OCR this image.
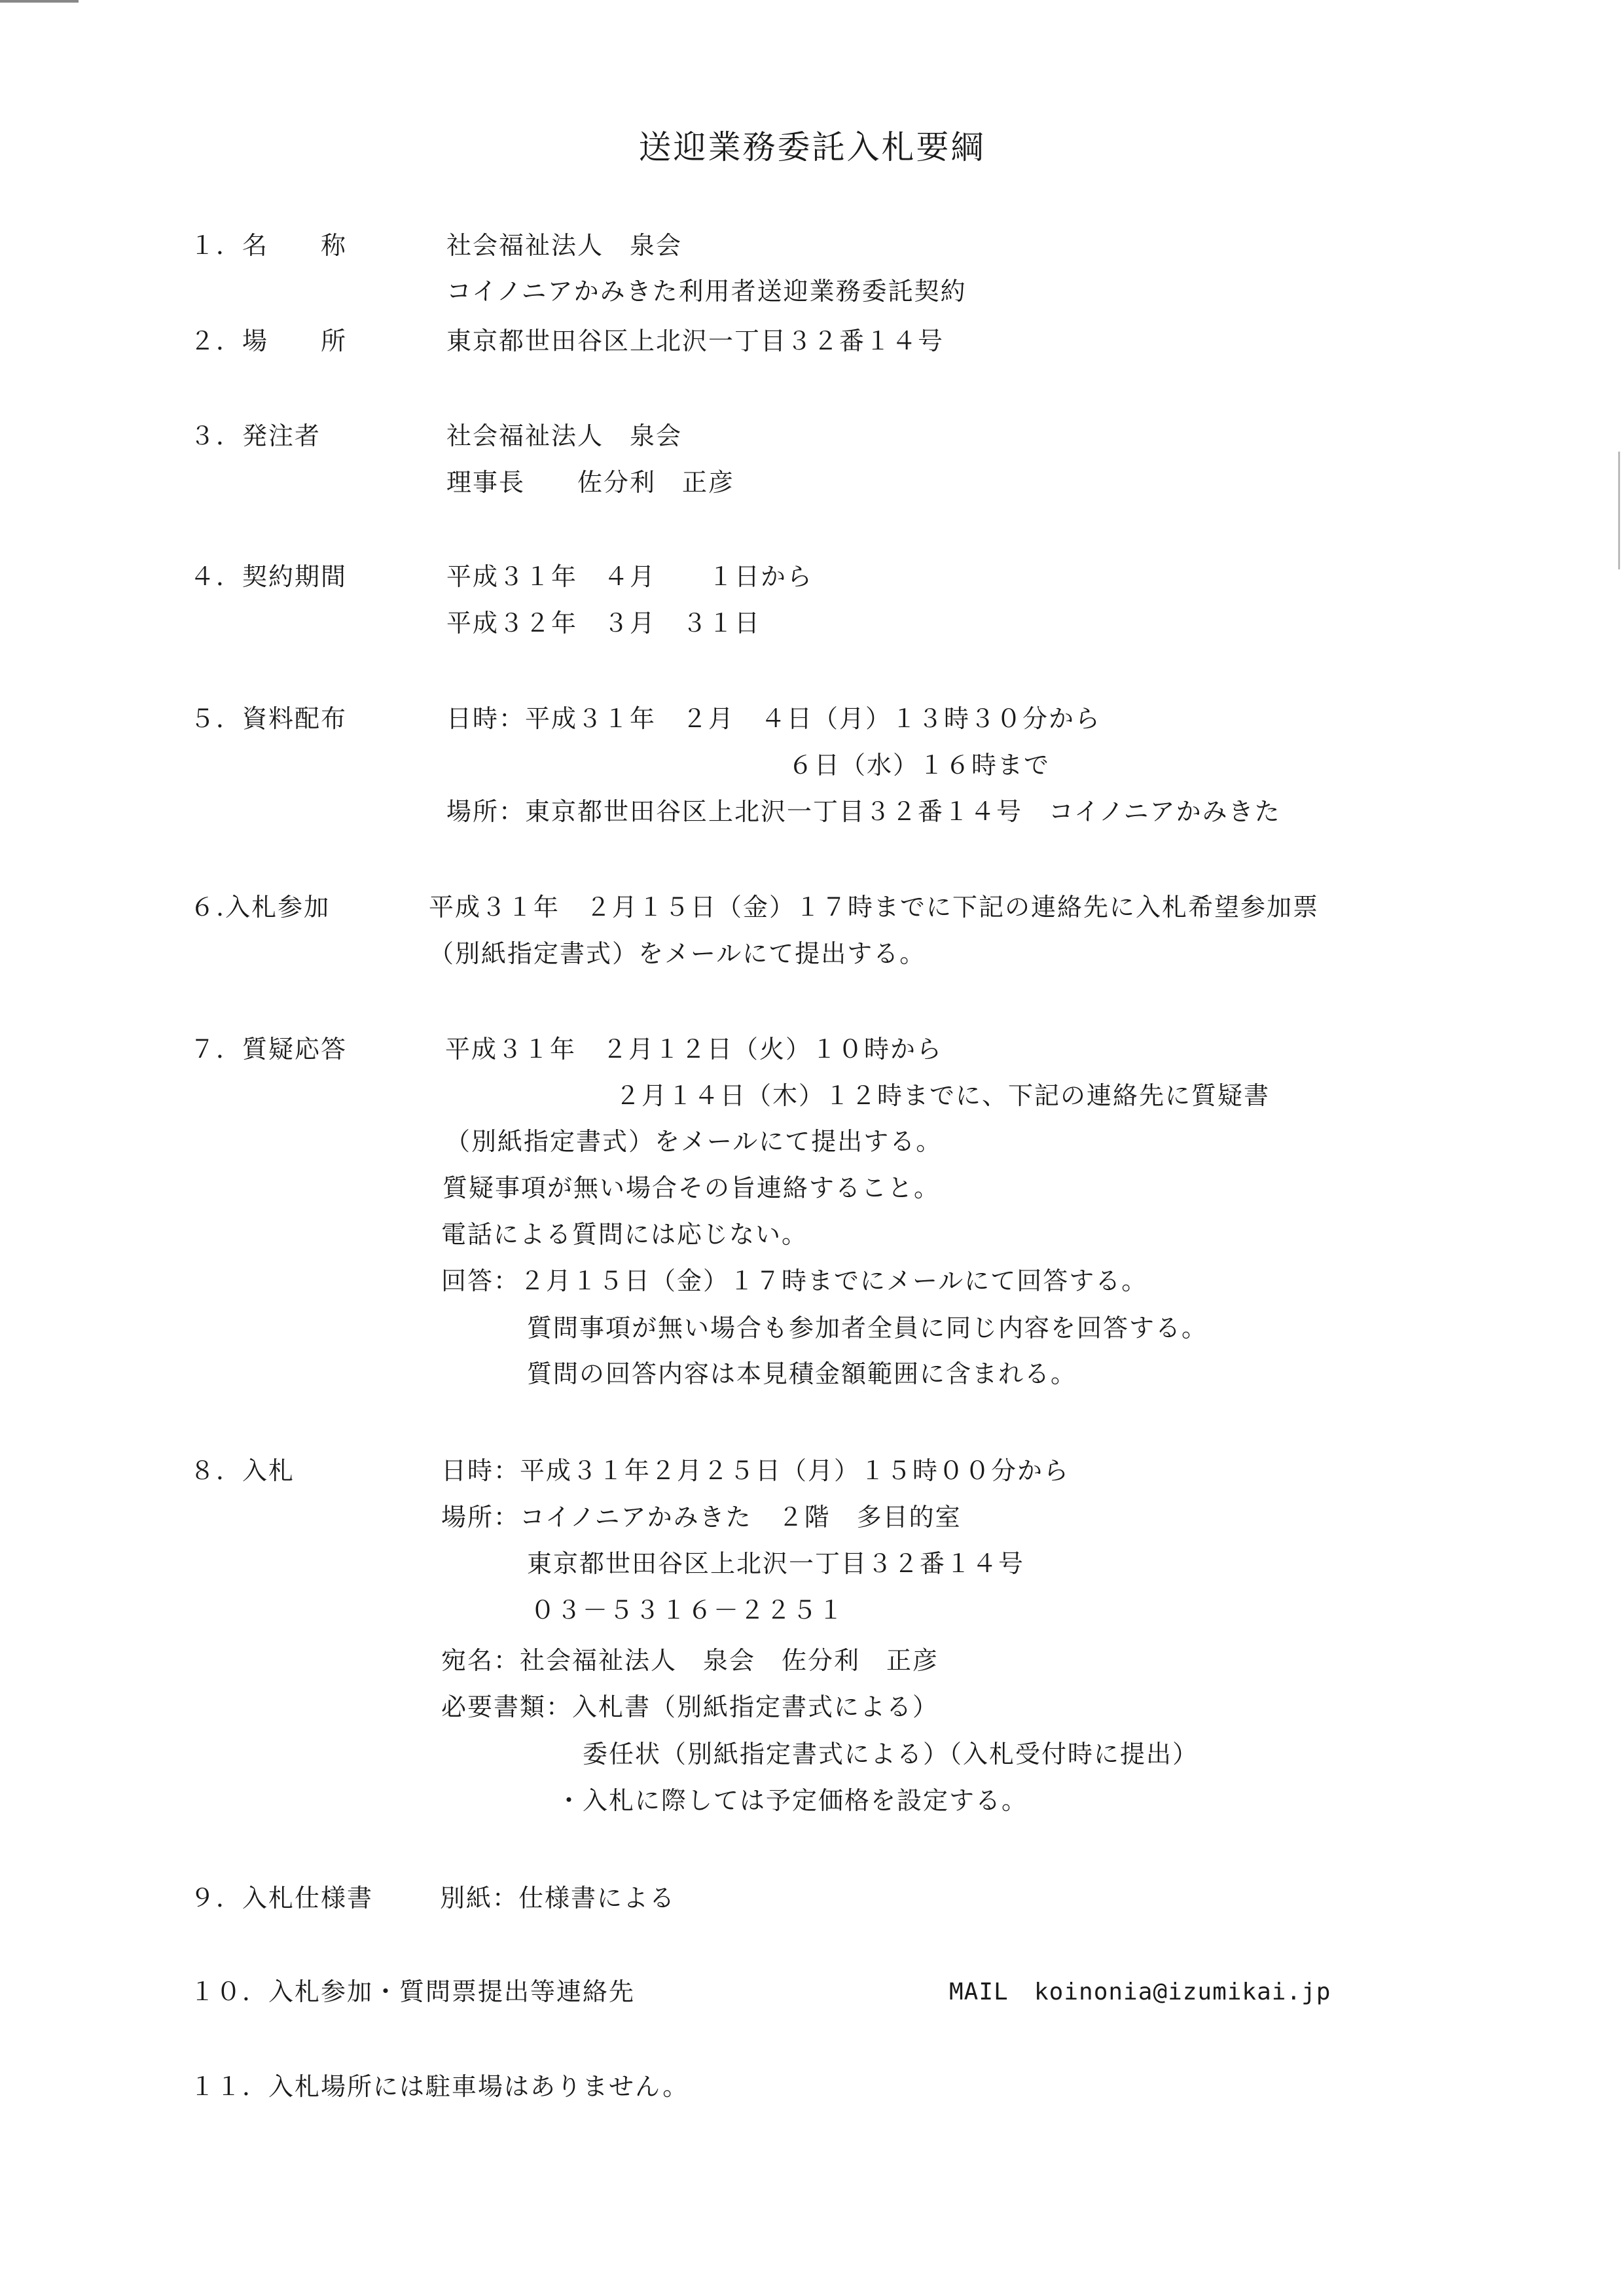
送迎業務委託入札要綱
１．名　　称	社会福祉法人　泉会
コイノニアかみきた利用者送迎業務委託契約
２．場　　所	東京都世田谷区上北沢一丁目３２番１４号
３．発注者	社会福祉法人　泉会
理事長　　佐分利　正彦
４．契約期間	平成３１年　４月　　１日から
平成３２年　３月　３１日
５．資料配布	日時：平成３１年　２月　４日（月）１３時３０分から
６日（水）１６時まで
場所：東京都世田谷区上北沢一丁目３２番１４号　コイノニアかみきた
６.入札参加	平成３１年　２月１５日（金）１７時までに下記の連絡先に入札希望参加票
（別紙指定書式）をメールにて提出する。
７．質疑応答	平成３１年　２月１２日（火）１０時から
２月１４日（木）１２時までに、下記の連絡先に質疑書
（別紙指定書式）をメールにて提出する。
質疑事項が無い場合その旨連絡すること。
電話による質問には応じない。
回答：２月１５日（金）１７時までにメールにて回答する。
質問事項が無い場合も参加者全員に同じ内容を回答する。
質問の回答内容は本見積金額範囲に含まれる。
８．入札	日時：平成３１年２月２５日（月）１５時００分から
場所：コイノニアかみきた　２階　多目的室
東京都世田谷区上北沢一丁目３２番１４号
０３－５３１６－２２５１
宛名：社会福祉法人　泉会　佐分利　正彦
必要書類：入札書（別紙指定書式による）
委任状（別紙指定書式による）（入札受付時に提出）
・入札に際しては予定価格を設定する。
９．入札仕様書	別紙：仕様書による
１０．入札参加・質問票提出等連絡先	MAIL koinonia@izumikai.jp
１１．入札場所には駐車場はありません。
